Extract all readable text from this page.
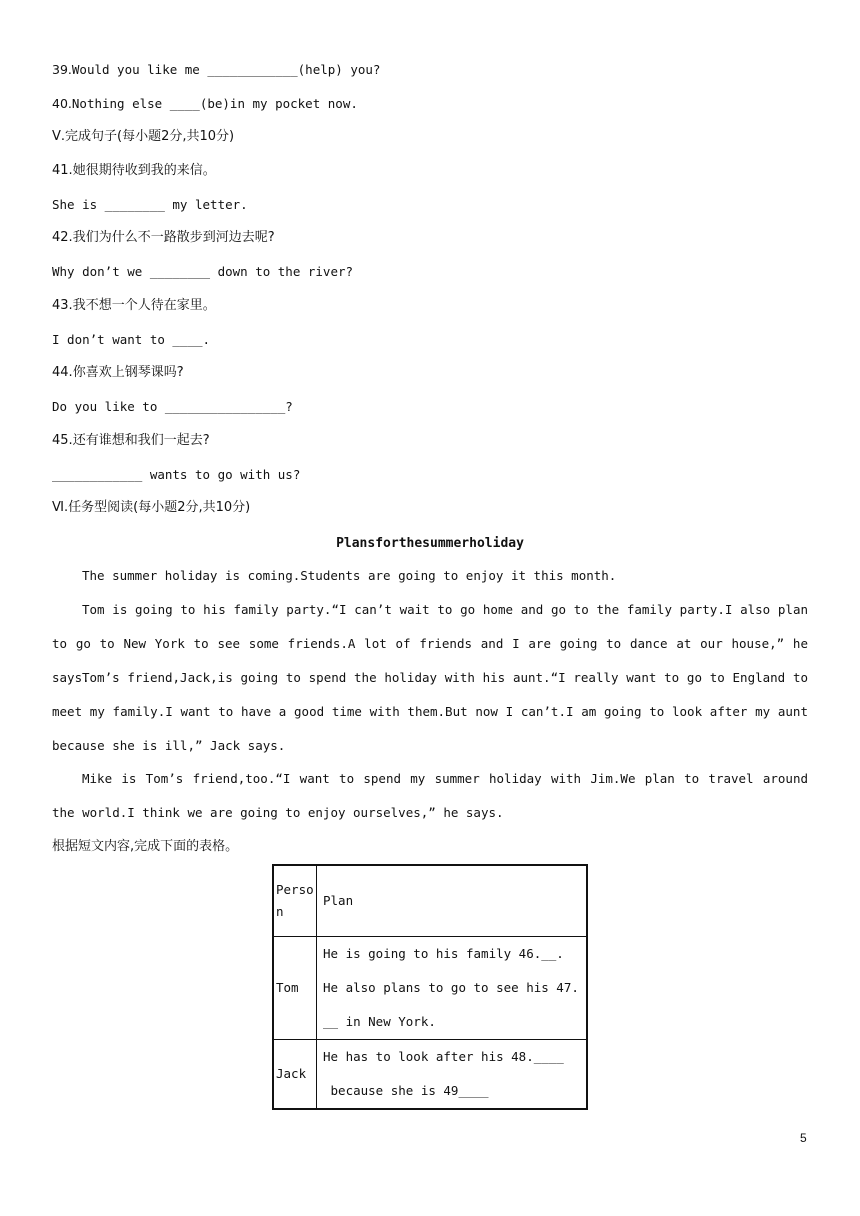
39.Would you like me ____________(help) you?
40.Nothing else ____(be)in my pocket now.
Ⅴ.完成句子(每小题2分,共10分)
41.她很期待收到我的来信。
She is ________ my letter.
42.我们为什么不一路散步到河边去呢?
Why don’t we ________ down to the river?
43.我不想一个人待在家里。
I don’t want to ____.
44.你喜欢上钢琴课吗?
Do you like to ________________?
45.还有谁想和我们一起去?
____________ wants to go with us?
Ⅵ.任务型阅读(每小题2分,共10分)
Plansforthesummerholiday
The summer holiday is coming.Students are going to enjoy it this month.
Tom is going to his family party.“I can’t wait to go home and go to the family party.I also plan to go to New York to see some friends.A lot of friends and I are going to dance at our house,” he says.
Tom’s friend,Jack,is going to spend the holiday with his aunt.“I really want to go to England to meet my family.I want to have a good time with them.But now I can’t.I am going to look after my aunt because she is ill,” Jack says.
Mike is Tom’s friend,too.“I want to spend my summer holiday with Jim.We plan to travel around the world.I think we are going to enjoy ourselves,” he says.
根据短文内容,完成下面的表格。
Person	Plan
Tom	He is going to his family 46.__.
He also plans to go to see his 47.
__ in New York.

Jack	He has to look after his 48.____
because she is 49____
5
